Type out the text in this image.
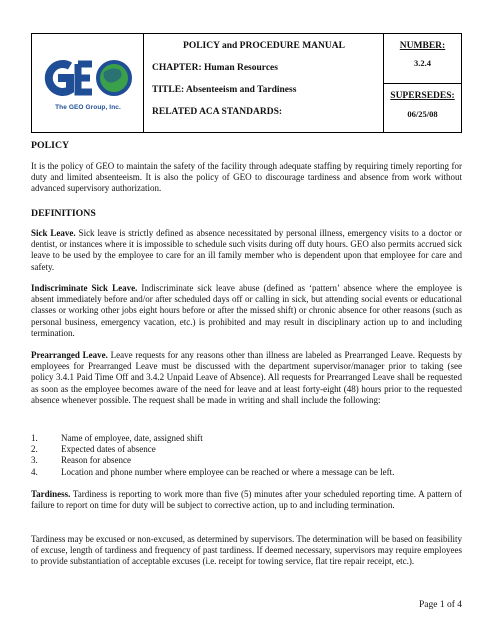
The GEO Group, Inc.
POLICY and PROCEDURE MANUAL
CHAPTER: Human Resources
TITLE: Absenteeism and Tardiness
RELATED ACA STANDARDS:
NUMBER:
3.2.4
SUPERSEDES:
06/25/08
POLICY

It is the policy of GEO to maintain the safety of the facility through adequate staffing by requiring timely reporting for duty and limited absenteeism. It is also the policy of GEO to discourage tardiness and absence from work without advanced supervisory authorization.

DEFINITIONS

Sick Leave. Sick leave is strictly defined as absence necessitated by personal illness, emergency visits to a doctor or dentist, or instances where it is impossible to schedule such visits during off duty hours. GEO also permits accrued sick leave to be used by the employee to care for an ill family member who is dependent upon that employee for care and safety.

Indiscriminate Sick Leave. Indiscriminate sick leave abuse (defined as ‘pattern’ absence where the employee is absent immediately before and/or after scheduled days off or calling in sick, but attending social events or educational classes or working other jobs eight hours before or after the missed shift) or chronic absence for other reasons (such as personal business, emergency vacation, etc.) is prohibited and may result in disciplinary action up to and including termination.

Prearranged Leave. Leave requests for any reasons other than illness are labeled as Prearranged Leave. Requests by employees for Prearranged Leave must be discussed with the department supervisor/manager prior to taking (see policy 3.4.1 Paid Time Off and 3.4.2 Unpaid Leave of Absence). All requests for Prearranged Leave shall be requested as soon as the employee becomes aware of the need for leave and at least forty-eight (48) hours prior to the requested absence whenever possible. The request shall be made in writing and shall include the following:

1.	Name of employee, date, assigned shift
2.	Expected dates of absence
3.	Reason for absence
4.	Location and phone number where employee can be reached or where a message can be left.

Tardiness. Tardiness is reporting to work more than five (5) minutes after your scheduled reporting time. A pattern of failure to report on time for duty will be subject to corrective action, up to and including termination.

Tardiness may be excused or non-excused, as determined by supervisors. The determination will be based on feasibility of excuse, length of tardiness and frequency of past tardiness. If deemed necessary, supervisors may require employees to provide substantiation of acceptable excuses (i.e. receipt for towing service, flat tire repair receipt, etc.).

Page 1 of 4
